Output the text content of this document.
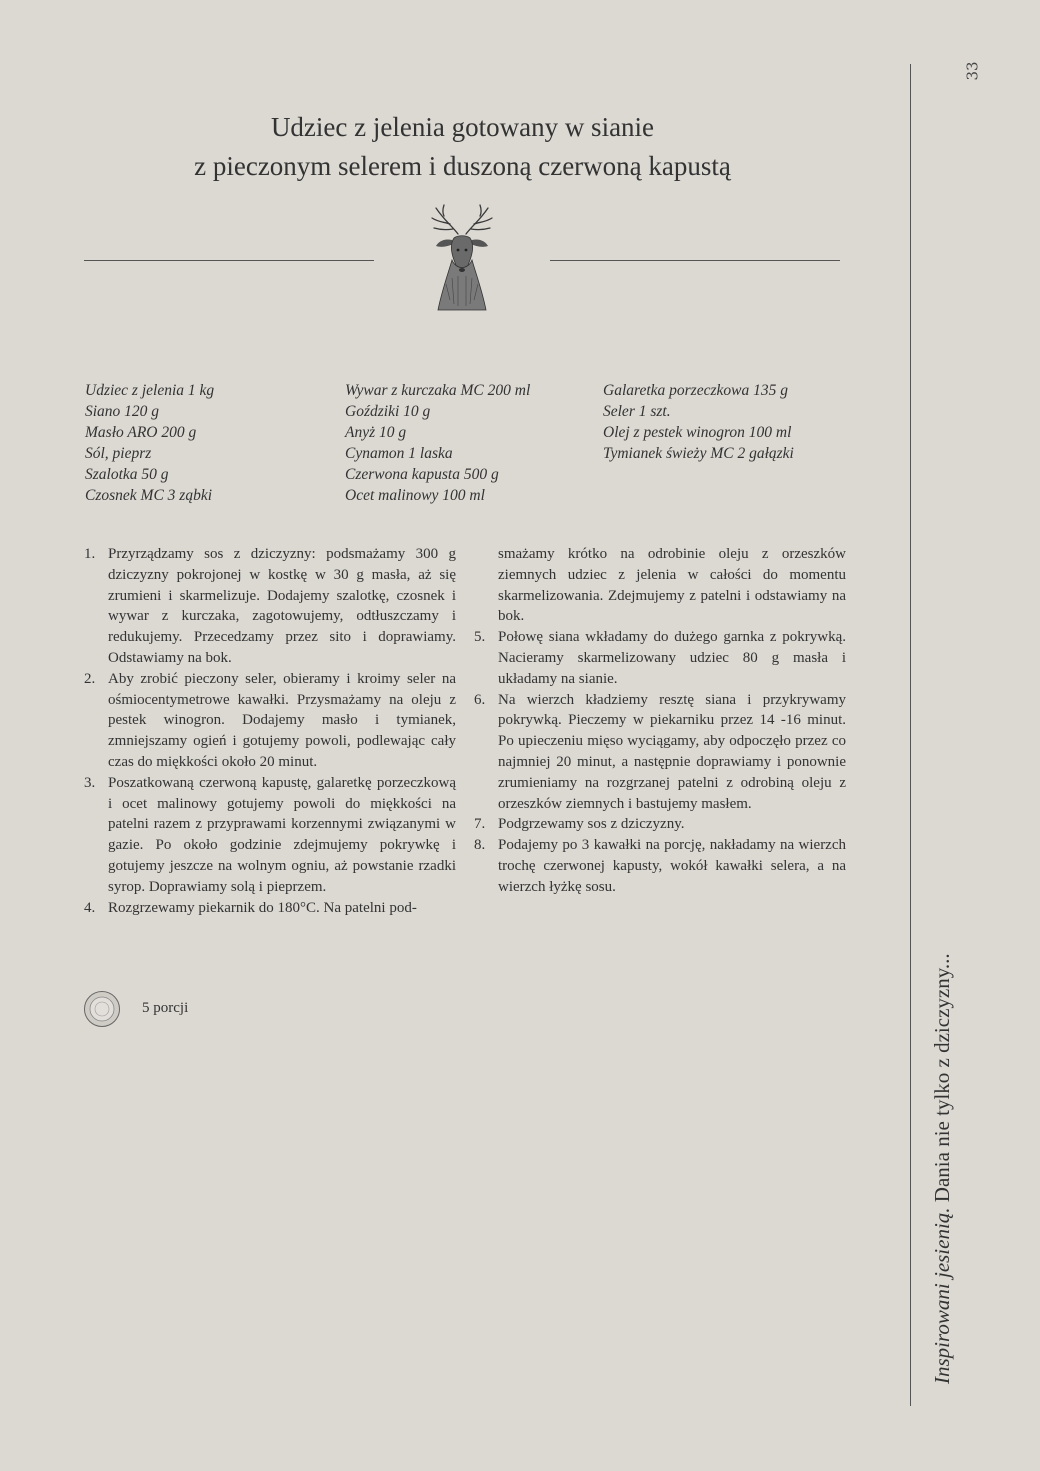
33
Inspirowani jesienią. Dania nie tylko z dziczyzny...
Udziec z jelenia gotowany w sianie
z pieczonym selerem i duszoną czerwoną kapustą
Udziec z jelenia 1 kg
Siano 120 g
Masło ARO 200 g
Sól, pieprz
Szalotka 50 g
Czosnek MC 3 ząbki
Wywar z kurczaka MC 200 ml
Goździki 10 g
Anyż 10 g
Cynamon 1 laska
Czerwona kapusta 500 g
Ocet malinowy 100 ml
Galaretka porzeczkowa 135 g
Seler 1 szt.
Olej z pestek winogron 100 ml
Tymianek świeży MC 2 gałązki
1. Przyrządzamy sos z dziczyzny: podsmażamy 300 g dziczyzny pokrojonej w kostkę w 30 g masła, aż się zrumieni i skarmelizuje. Dodajemy szalotkę, czosnek i wywar z kurczaka, zagotowujemy, odtłuszczamy i redukujemy. Przecedzamy przez sito i doprawiamy. Odstawiamy na bok.
2. Aby zrobić pieczony seler, obieramy i kroimy seler na ośmiocentymetrowe kawałki. Przysmażamy na oleju z pestek winogron. Dodajemy masło i tymianek, zmniejszamy ogień i gotujemy powoli, podlewając cały czas do miękkości około 20 minut.
3. Poszatkowaną czerwoną kapustę, galaretkę porzeczkową i ocet malinowy gotujemy powoli do miękkości na patelni razem z przyprawami korzennymi związanymi w gazie. Po około godzinie zdejmujemy pokrywkę i gotujemy jeszcze na wolnym ogniu, aż powstanie rzadki syrop. Doprawiamy solą i pieprzem.
4. Rozgrzewamy piekarnik do 180°C. Na patelni pod-
smażamy krótko na odrobinie oleju z orzeszków ziemnych udziec z jelenia w całości do momentu skarmelizowania. Zdejmujemy z patelni i odstawiamy na bok.
5. Połowę siana wkładamy do dużego garnka z pokrywką. Nacieramy skarmelizowany udziec 80 g masła i układamy na sianie.
6. Na wierzch kładziemy resztę siana i przykrywamy pokrywką. Pieczemy w piekarniku przez 14 -16 minut. Po upieczeniu mięso wyciągamy, aby odpoczęło przez co najmniej 20 minut, a następnie doprawiamy i ponownie zrumieniamy na rozgrzanej patelni z odrobiną oleju z orzeszków ziemnych i bastujemy masłem.
7. Podgrzewamy sos z dziczyzny.
8. Podajemy po 3 kawałki na porcję, nakładamy na wierzch trochę czerwonej kapusty, wokół kawałki selera, a na wierzch łyżkę sosu.
5 porcji
